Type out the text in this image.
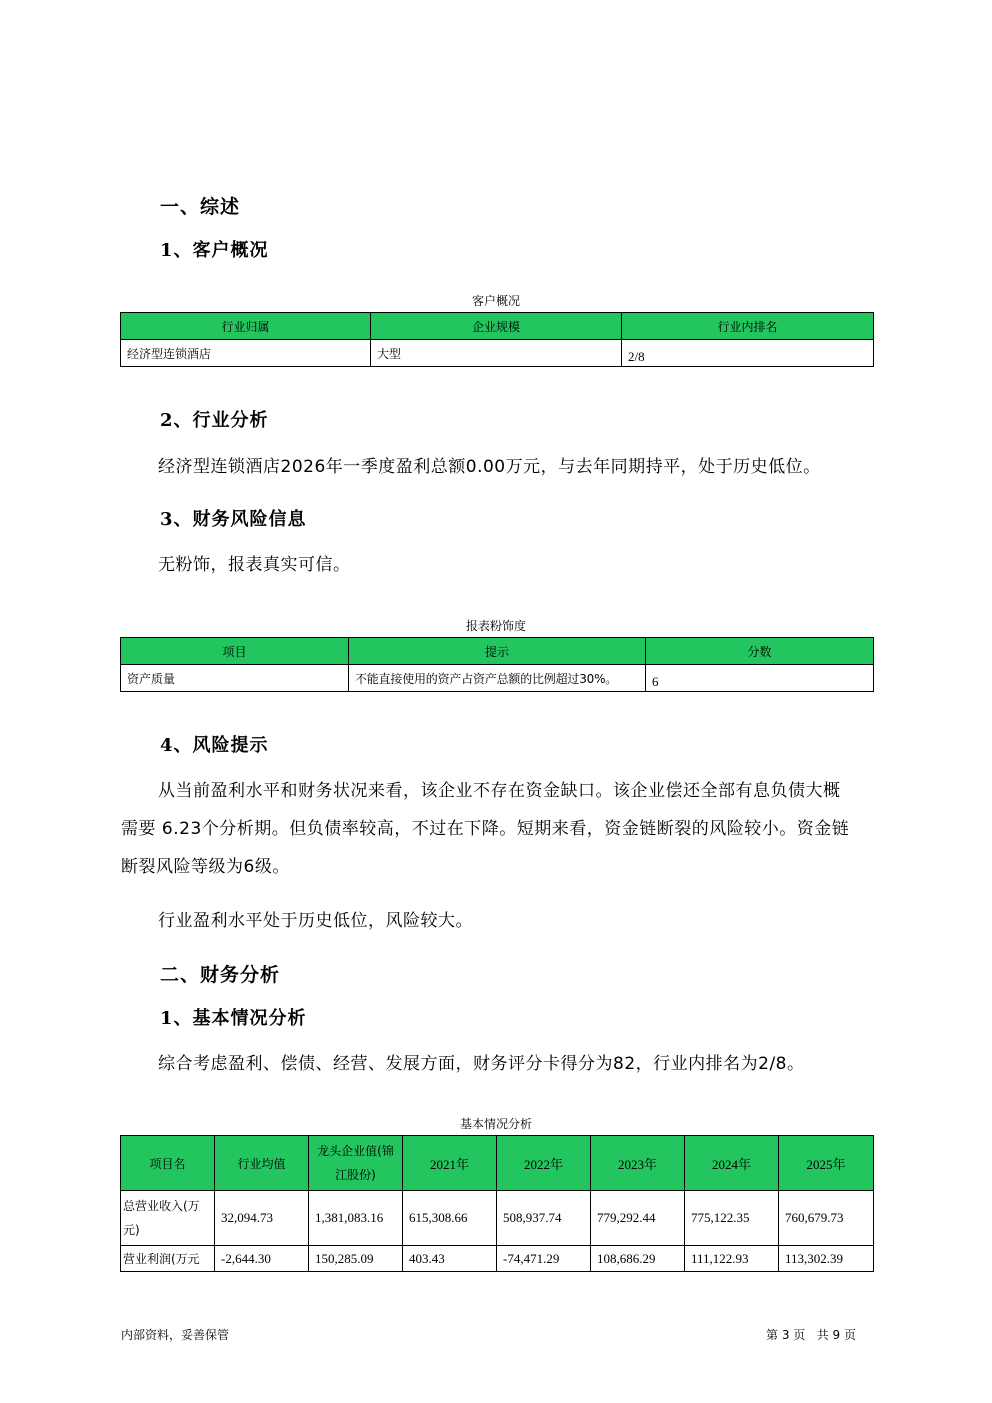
一、综述
1、客户概况
客户概况
行业归属	企业规模	行业内排名
经济型连锁酒店	大型	2/8
2、行业分析
经济型连锁酒店2026年一季度盈利总额0.00万元，与去年同期持平，处于历史低位。
3、财务风险信息
无粉饰，报表真实可信。
报表粉饰度
项目	提示	分数
资产质量	不能直接使用的资产占资产总额的比例超过30%。	6
4、风险提示
从当前盈利水平和财务状况来看，该企业不存在资金缺口。该企业偿还全部有息负债大概
需要 6.23个分析期。但负债率较高，不过在下降。短期来看，资金链断裂的风险较小。资金链
断裂风险等级为6级。
行业盈利水平处于历史低位，风险较大。
二、财务分析
1、基本情况分析
综合考虑盈利、偿债、经营、发展方面，财务评分卡得分为82，行业内排名为2/8。
基本情况分析
项目名	行业均值	龙头企业值(锦江股份)	2021年	2022年	2023年	2024年	2025年
总营业收入(万元)	32,094.73	1,381,083.16	615,308.66	508,937.74	779,292.44	775,122.35	760,679.73
营业利润(万元	-2,644.30	150,285.09	403.43	-74,471.29	108,686.29	111,122.93	113,302.39
内部资料，妥善保管	第 3 页   共 9 页
